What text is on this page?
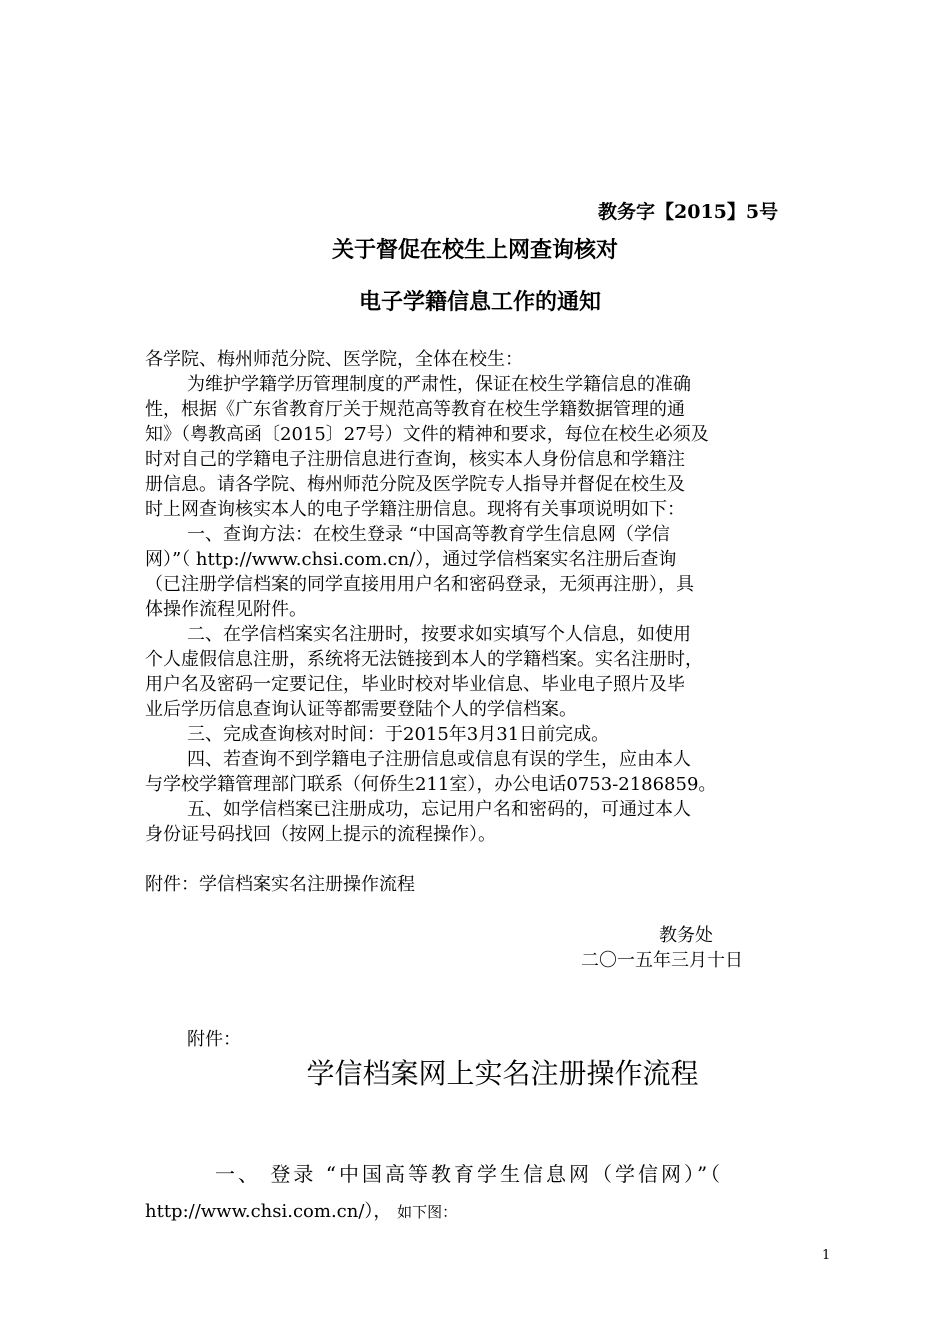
教务字【2015】5号
关于督促在校生上网查询核对
电子学籍信息工作的通知
各学院、梅州师范分院、医学院，全体在校生：
为维护学籍学历管理制度的严肃性，保证在校生学籍信息的准确
性，根据《广东省教育厅关于规范高等教育在校生学籍数据管理的通
知》（粤教高函〔2015〕27号）文件的精神和要求，每位在校生必须及
时对自己的学籍电子注册信息进行查询，核实本人身份信息和学籍注
册信息。请各学院、梅州师范分院及医学院专人指导并督促在校生及
时上网查询核实本人的电子学籍注册信息。现将有关事项说明如下：
一、查询方法：在校生登录 “中国高等教育学生信息网（学信
网）”（ http://www.chsi.com.cn/），通过学信档案实名注册后查询
（已注册学信档案的同学直接用用户名和密码登录，无须再注册），具
体操作流程见附件。
二、在学信档案实名注册时，按要求如实填写个人信息，如使用
个人虚假信息注册，系统将无法链接到本人的学籍档案。实名注册时，
用户名及密码一定要记住，毕业时校对毕业信息、毕业电子照片及毕
业后学历信息查询认证等都需要登陆个人的学信档案。
三、完成查询核对时间：于2015年3月31日前完成。
四、若查询不到学籍电子注册信息或信息有误的学生，应由本人
与学校学籍管理部门联系（何侨生211室），办公电话0753-2186859。
五、如学信档案已注册成功，忘记用户名和密码的，可通过本人
身份证号码找回（按网上提示的流程操作）。
附件：学信档案实名注册操作流程
教务处
二〇一五年三月十日
附件：
学信档案网上实名注册操作流程
一、 登录 “中国高等教育学生信息网（学信网）”（
http://www.chsi.com.cn/）， 如下图：
1
